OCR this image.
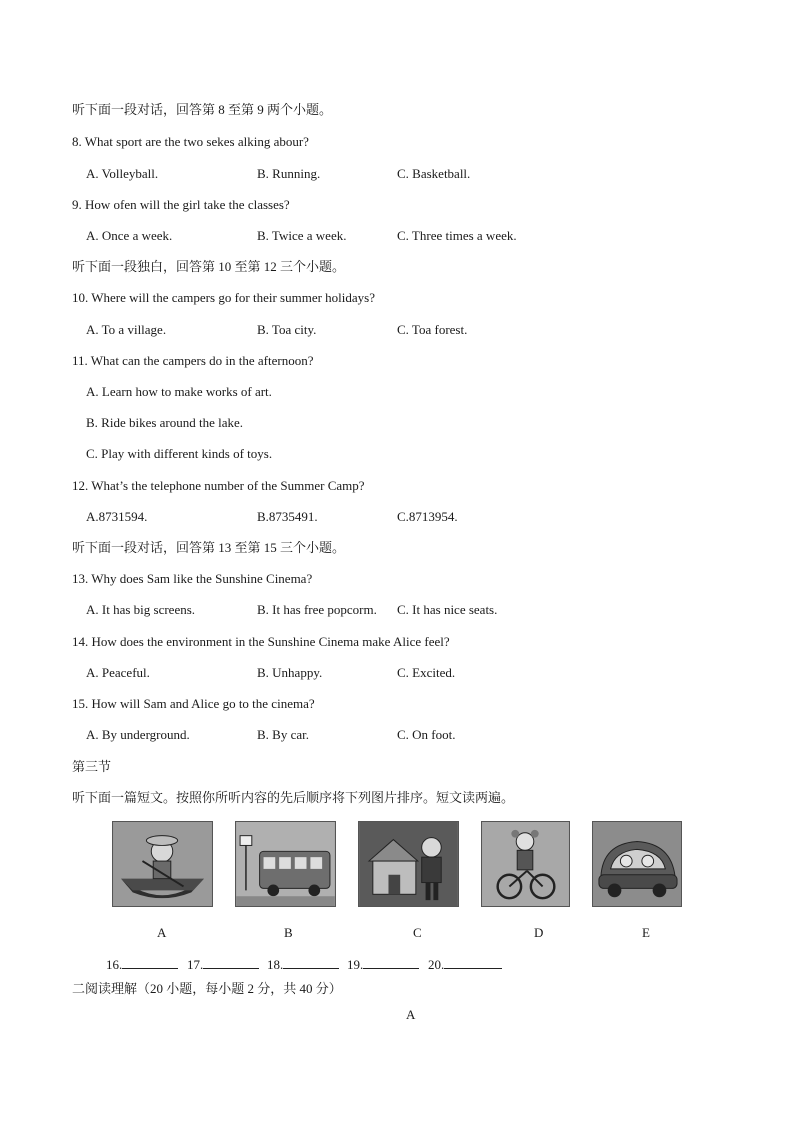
听下面一段对话，回答第 8 至第 9 两个小题。
8. What sport are the two sekes alking abour?
A. Volleyball.	B. Running.	C. Basketball.
9. How ofen will the girl take the classes?
A. Once a week.	B. Twice a week.	C. Three times a week.
听下面一段独白，回答第 10 至第 12 三个小题。
10. Where will the campers go for their summer holidays?
A. To a village.	B. Toa city.	C. Toa forest.
11. What can the campers do in the afternoon?
A. Learn how to make works of art.
B. Ride bikes around the lake.
C. Play with different kinds of toys.
12. What’s the telephone number of the Summer Camp?
A.8731594.	B.8735491.	C.8713954.
听下面一段对话，回答第 13 至第 15 三个小题。
13. Why does Sam like the Sunshine Cinema?
A. It has big screens.	B. It has free popcorm. C. It has nice seats.
14. How does the environment in the Sunshine Cinema make Alice feel?
A. Peaceful.	B. Unhappy.	C. Excited.
15. How will Sam and Alice go to the cinema?
A. By underground.	B. By car.	C. On foot.
第三节
听下面一篇短文。按照你所听内容的先后顺序将下列图片排序。短文读两遍。
A	B	C	D	E
16.	17.	18.	19.	20.
二阅读理解（20 小题，每小题 2 分，共 40 分）
A
